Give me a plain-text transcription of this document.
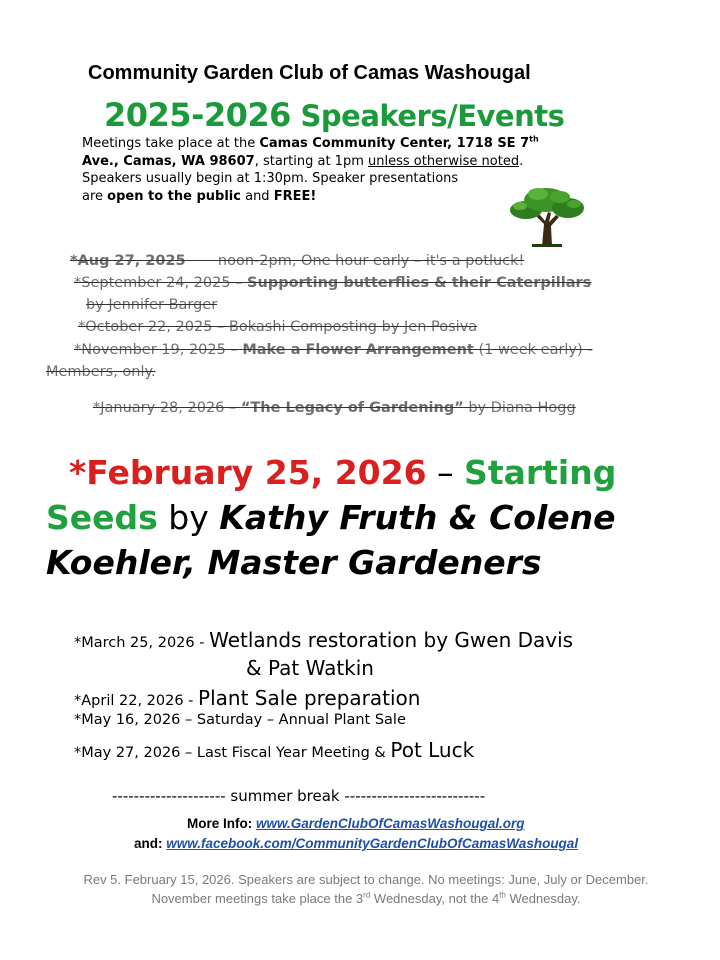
Community Garden Club of Camas Washougal
2025-2026 Speakers/Events
Meetings take place at the Camas Community Center, 1718 SE 7th
Ave., Camas, WA 98607, starting at 1pm unless otherwise noted.
Speakers usually begin at 1:30pm. Speaker presentations
are open to the public and FREE!
*Aug 27, 2025 noon-2pm, One hour early – it's a potluck!
*September 24, 2025 – Supporting butterflies & their Caterpillars
by Jennifer Barger
*October 22, 2025 – Bokashi Composting by Jen Posiva
*November 19, 2025 – Make a Flower Arrangement (1 week early) -
Members, only.
*January 28, 2026 – “The Legacy of Gardening” by Diana Hogg
*February 25, 2026 – Starting
Seeds by Kathy Fruth & Colene
Koehler, Master Gardeners
*March 25, 2026 - Wetlands restoration by Gwen Davis
& Pat Watkin
*April 22, 2026 - Plant Sale preparation
*May 16, 2026 – Saturday – Annual Plant Sale
*May 27, 2026 – Last Fiscal Year Meeting & Pot Luck
--------------------- summer break --------------------------
More Info: www.GardenClubOfCamasWashougal.org
and: www.facebook.com/CommunityGardenClubOfCamasWashougal
Rev 5. February 15, 2026. Speakers are subject to change. No meetings: June, July or December. November meetings take place the 3rd Wednesday, not the 4th Wednesday.
